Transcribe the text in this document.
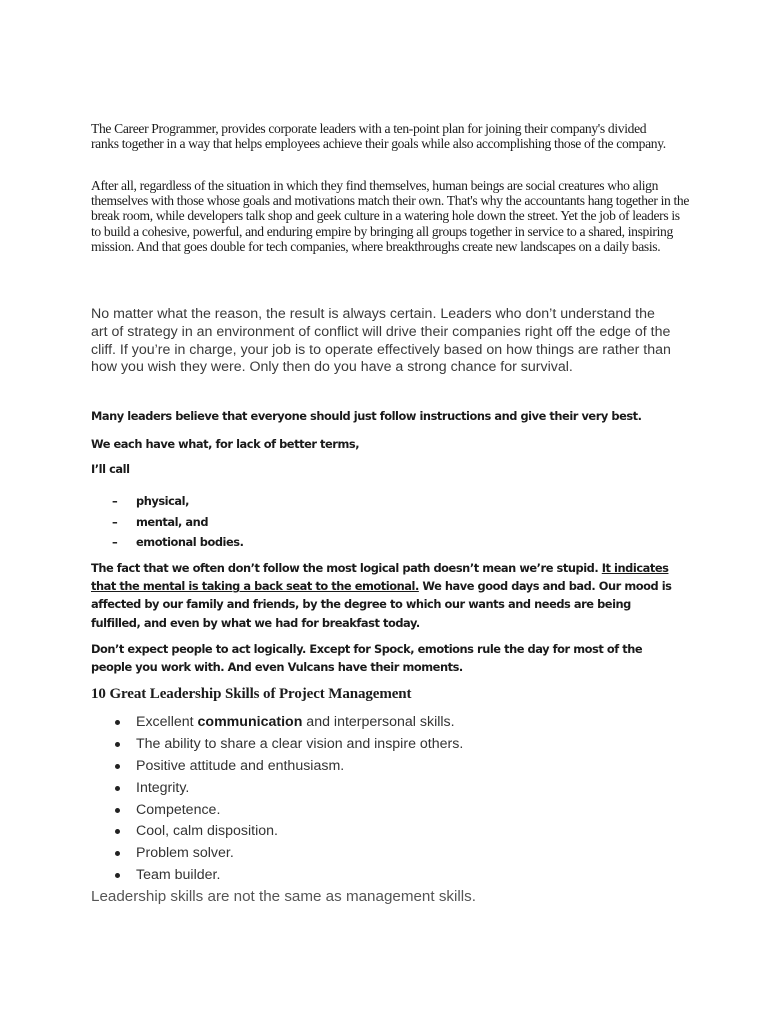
The Career Programmer, provides corporate leaders with a ten-point plan for joining their company's divided ranks together in a way that helps employees achieve their goals while also accomplishing those of the company.

After all, regardless of the situation in which they find themselves, human beings are social creatures who align themselves with those whose goals and motivations match their own. That's why the accountants hang together in the break room, while developers talk shop and geek culture in a watering hole down the street. Yet the job of leaders is to build a cohesive, powerful, and enduring empire by bringing all groups together in service to a shared, inspiring mission. And that goes double for tech companies, where breakthroughs create new landscapes on a daily basis.

No matter what the reason, the result is always certain. Leaders who don’t understand the art of strategy in an environment of conflict will drive their companies right off the edge of the cliff. If you’re in charge, your job is to operate effectively based on how things are rather than how you wish they were. Only then do you have a strong chance for survival.

Many leaders believe that everyone should just follow instructions and give their very best.

We each have what, for lack of better terms,

I’ll call

– physical,
– mental, and
– emotional bodies.

The fact that we often don’t follow the most logical path doesn’t mean we’re stupid. It indicates that the mental is taking a back seat to the emotional. We have good days and bad. Our mood is affected by our family and friends, by the degree to which our wants and needs are being fulfilled, and even by what we had for breakfast today.

Don’t expect people to act logically. Except for Spock, emotions rule the day for most of the people you work with. And even Vulcans have their moments.

10 Great Leadership Skills of Project Management
Excellent communication and interpersonal skills.
The ability to share a clear vision and inspire others.
Positive attitude and enthusiasm.
Integrity.
Competence.
Cool, calm disposition.
Problem solver.
Team builder.

Leadership skills are not the same as management skills.
